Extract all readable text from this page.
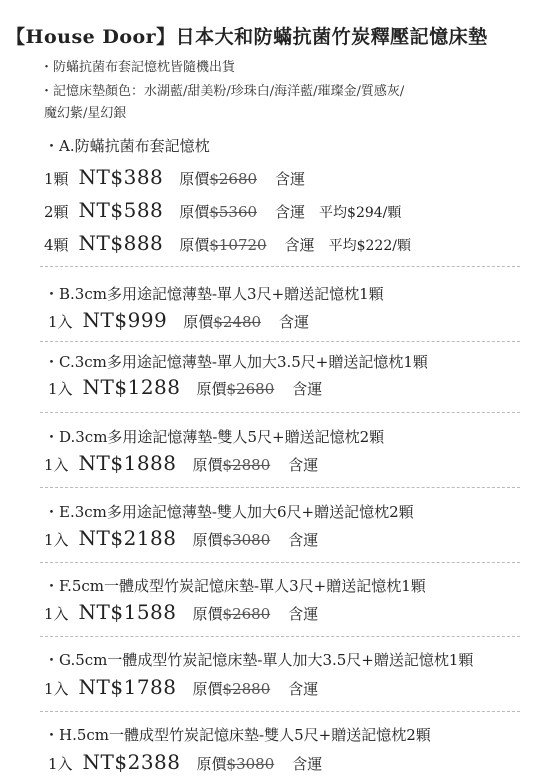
【House Door】日本大和防蟎抗菌竹炭釋壓記憶床墊
・防蟎抗菌布套記憶枕皆隨機出貨
・記憶床墊顏色：水湖藍/甜美粉/珍珠白/海洋藍/璀璨金/質感灰/
魔幻紫/星幻銀
・A.防蟎抗菌布套記憶枕
1顆 NT$388 原價 $2680 含運
2顆 NT$588 原價 $5360 含運 平均$294/顆
4顆 NT$888 原價 $10720 含運 平均$222/顆
・B.3cm多用途記憶薄墊-單人3尺+贈送記憶枕1顆
1入 NT$999 原價 $2480 含運
・C.3cm多用途記憶薄墊-單人加大3.5尺+贈送記憶枕1顆
1入 NT$1288 原價 $2680 含運
・D.3cm多用途記憶薄墊-雙人5尺+贈送記憶枕2顆
1入 NT$1888 原價 $2880 含運
・E.3cm多用途記憶薄墊-雙人加大6尺+贈送記憶枕2顆
1入 NT$2188 原價 $3080 含運
・F.5cm一體成型竹炭記憶床墊-單人3尺+贈送記憶枕1顆
1入 NT$1588 原價 $2680 含運
・G.5cm一體成型竹炭記憶床墊-單人加大3.5尺+贈送記憶枕1顆
1入 NT$1788 原價 $2880 含運
・H.5cm一體成型竹炭記憶床墊-雙人5尺+贈送記憶枕2顆
1入 NT$2388 原價 $3080 含運
